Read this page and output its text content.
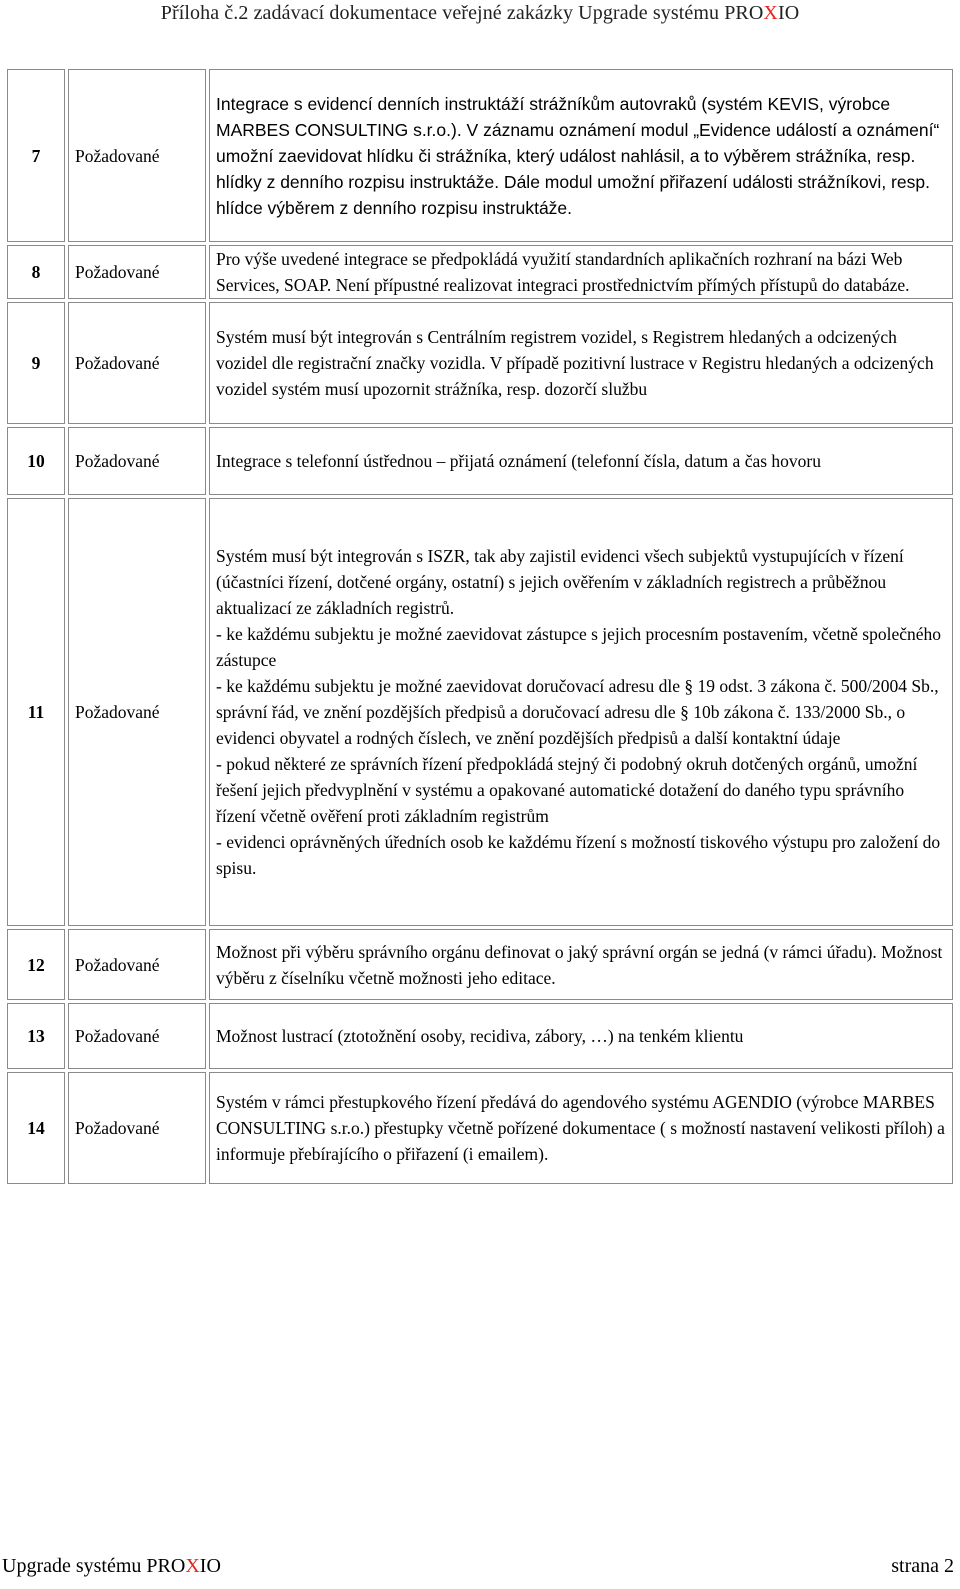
Příloha č.2 zadávací dokumentace veřejné zakázky Upgrade systému PROXIO
7	Požadované	Integrace s evidencí denních instruktáží strážníkům autovraků (systém KEVIS, výrobce MARBES CONSULTING s.r.o.). V záznamu oznámení modul „Evidence událostí a oznámení“ umožní zaevidovat hlídku či strážníka, který událost nahlásil, a to výběrem strážníka, resp. hlídky z denního rozpisu instruktáže. Dále modul umožní přiřazení události strážníkovi, resp. hlídce výběrem z denního rozpisu instruktáže.

8	Požadované	Pro výše uvedené integrace se předpokládá využití standardních aplikačních rozhraní na bázi Web Services, SOAP. Není přípustné realizovat integraci prostřednictvím přímých přístupů do databáze.

9	Požadované	Systém musí být integrován s Centrálním registrem vozidel, s Registrem hledaných a odcizených vozidel dle registrační značky vozidla. V případě pozitivní lustrace v Registru hledaných a odcizených vozidel systém musí upozornit strážníka, resp. dozorčí službu

10	Požadované	Integrace s telefonní ústřednou – přijatá oznámení (telefonní čísla, datum a čas hovoru

11	Požadované	Systém musí být integrován s ISZR, tak aby zajistil evidenci všech subjektů vystupujících v řízení (účastníci řízení, dotčené orgány, ostatní) s jejich ověřením v základních registrech a průběžnou aktualizací ze základních registrů.
- ke každému subjektu je možné zaevidovat zástupce s jejich procesním postavením, včetně společného zástupce
- ke každému subjektu je možné zaevidovat doručovací adresu dle § 19 odst. 3 zákona č. 500/2004 Sb., správní řád, ve znění pozdějších předpisů a doručovací adresu dle § 10b zákona č. 133/2000 Sb., o evidenci obyvatel a rodných číslech, ve znění pozdějších předpisů a další kontaktní údaje
- pokud některé ze správních řízení předpokládá stejný či podobný okruh dotčených orgánů, umožní řešení jejich předvyplnění v systému a opakované automatické dotažení do daného typu správního řízení včetně ověření proti základním registrům
- evidenci oprávněných úředních osob ke každému řízení s možností tiskového výstupu pro založení do spisu.

12	Požadované	Možnost při výběru správního orgánu definovat o jaký správní orgán se jedná (v rámci úřadu). Možnost výběru z číselníku včetně možnosti jeho editace.

13	Požadované	Možnost lustrací (ztotožnění osoby, recidiva, zábory, …) na tenkém klientu

14	Požadované	Systém v rámci přestupkového řízení předává do agendového systému AGENDIO (výrobce MARBES CONSULTING s.r.o.) přestupky včetně pořízené dokumentace ( s možností nastavení velikosti příloh) a informuje přebírajícího o přiřazení (i emailem).
Upgrade systému PROXIO	strana 2
